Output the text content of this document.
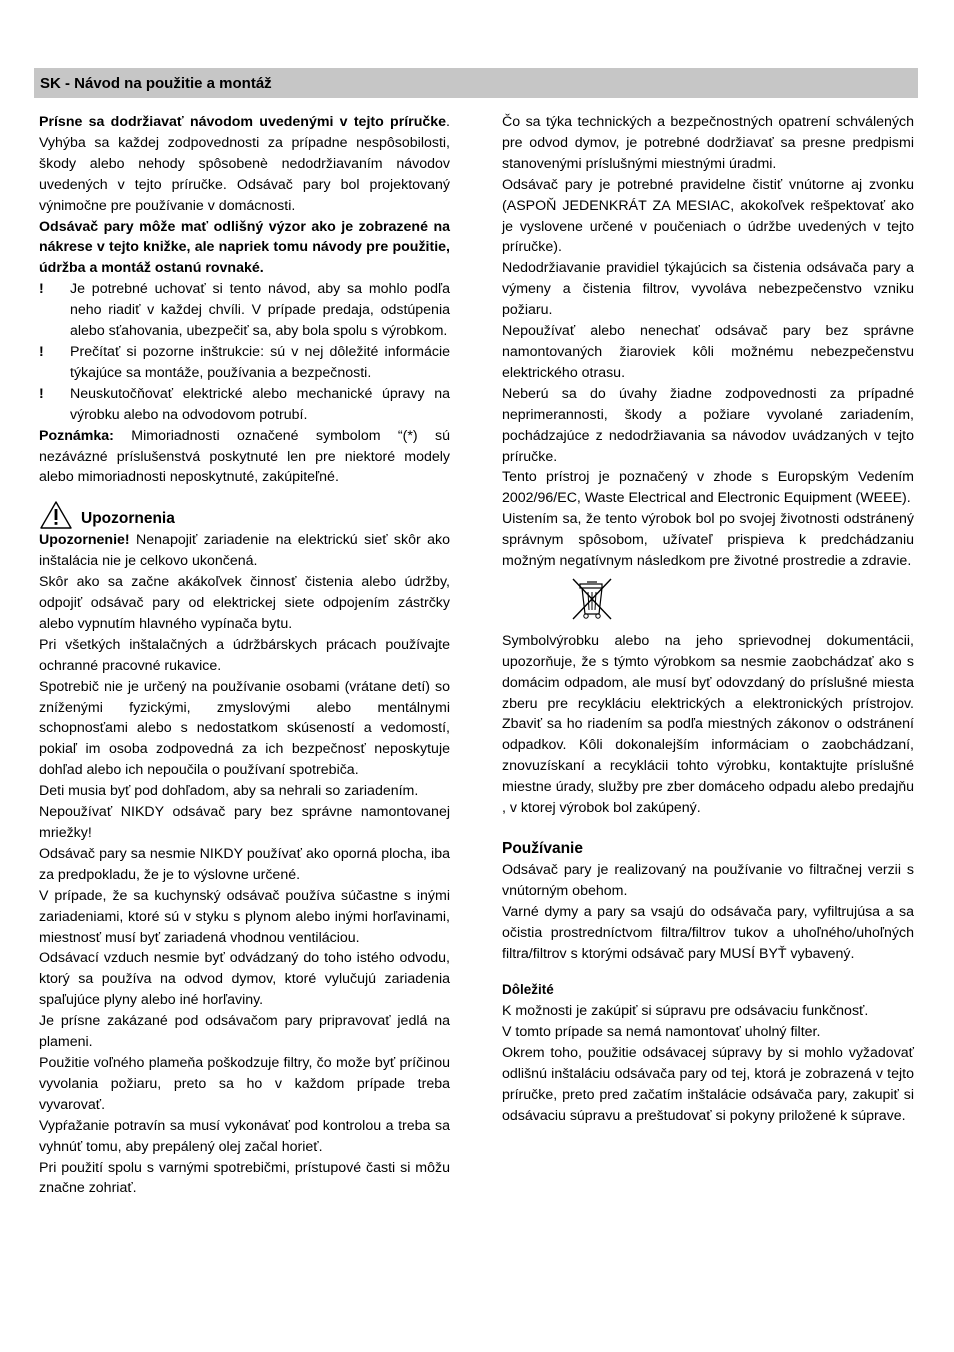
SK - Návod na použitie a montáž

Prísne sa dodržiavať návodom uvedenými v tejto príručke. Vyhýba sa každej zodpovednosti za prípadne nespôsobilosti, škody alebo nehody spôsobenè nedodržiavaním návodov uvedených v tejto príručke. Odsávač pary bol projektovaný výnimočne pre používanie v domácnosti.

Odsávač pary môže mať odlišný výzor ako je zobrazené na nákrese v tejto knižke, ale napriek tomu návody pre použitie, údržba a montáž ostanú rovnaké.

!	Je potrebné uchovať si tento návod, aby sa mohlo podľa neho riadiť v každej chvíli. V prípade predaja, odstúpenia alebo sťahovania, ubezpečiť sa, aby bola spolu s výrobkom.
!	Prečítať si pozorne inštrukcie: sú v nej dôležité informácie týkajúce sa montáže, používania a bezpečnosti.
!	Neuskutočňovať elektrické alebo mechanické úpravy na výrobku alebo na odvodovom potrubí.

Poznámka: Mimoriadnosti označené symbolom “(*) sú nezávázné príslušenstvá poskytnuté len pre niektoré modely alebo mimoriadnosti neposkytnuté, zakúpiteľné.

Upozornenia

Upozornenie! Nenapojiť zariadenie na elektrickú sieť skôr ako inštalácia nie je celkovo ukončená.

Skôr ako sa začne akákoľvek činnosť čistenia alebo údržby, odpojiť odsávač pary od elektrickej siete odpojením zástrčky alebo vypnutím hlavného vypínača bytu.

Pri všetkých inštalačných a údržbárskych prácach používajte ochranné pracovné rukavice.

Spotrebič nie je určený na používanie osobami (vrátane detí) so zníženými fyzickými, zmyslovými alebo mentálnymi schopnosťami alebo s nedostatkom skúseností a vedomostí, pokiaľ im osoba zodpovedná za ich bezpečnosť neposkytuje dohľad alebo ich nepoučila o používaní spotrebiča.

Deti musia byť pod dohľadom, aby sa nehrali so zariadením.

Nepoužívať NIKDY odsávač pary bez správne namontovanej mriežky!

Odsávač pary sa nesmie NIKDY používať ako oporná plocha, iba za predpokladu, že je to výslovne určené.

V prípade, že sa kuchynský odsávač používa súčastne s inými zariadeniami, ktoré sú v styku s plynom alebo inými horľavinami, miestnosť musí byť zariadená vhodnou ventiláciou.

Odsávací vzduch nesmie byť odvádzaný do toho istého odvodu, ktorý sa používa na odvod dymov, ktoré vylučujú zariadenia spaľujúce plyny alebo iné horľaviny.

Je prísne zakázané pod odsávačom pary pripravovať jedlá na plameni.

Použitie voľného plameňa poškodzuje filtry, čo može byť príčinou vyvolania požiaru, preto sa ho v každom prípade treba vyvarovať.

Vypŕažanie potravín sa musí vykonávať pod kontrolou a treba sa vyhnúť tomu, aby prepálený olej začal horieť.

Pri použití spolu s varnými spotrebičmi, prístupové časti si môžu značne zohriať.

Čo sa týka technických a bezpečnostných opatrení schválených pre odvod dymov, je potrebné dodržiavať sa presne predpismi stanovenými príslušnými miestnými úradmi.

Odsávač pary je potrebné pravidelne čistiť vnútorne aj zvonku (ASPOŇ JEDENKRÁT ZA MESIAC, akokoľvek rešpektovať ako je vyslovene určené v poučeniach o údržbe uvedených v tejto príručke).

Nedodržiavanie pravidiel týkajúcich sa čistenia odsávača pary a výmeny a čistenia filtrov, vyvoláva nebezpečenstvo vzniku požiaru.

Nepoužívať alebo nenechať odsávač pary bez správne namontovaných žiaroviek kôli možnému nebezpečenstvu elektrického otrasu.

Neberú sa do úvahy žiadne zodpovednosti za prípadné neprimerannosti, škody a požiare vyvolané zariadením, pochádzajúce z nedodržiavania sa návodov uvádzaných v tejto príručke.

Tento prístroj je poznačený v zhode s Europským Vedením 2002/96/EC, Waste Electrical and Electronic Equipment (WEEE).

Uistením sa, že tento výrobok bol po svojej životnosti odstránený správnym spôsobom, užívateľ prispieva k predchádzaniu možným negatívnym následkom pre životné prostredie a zdravie.

Symbolvýrobku alebo na jeho sprievodnej dokumentácii, upozorňuje, že s týmto výrobkom sa nesmie zaobchádzať ako s domácim odpadom, ale musí byť odovzdaný do príslušné miesta zberu pre recykláciu elektrických a elektronických prístrojov. Zbaviť sa ho riadením sa podľa miestných zákonov o odstránení odpadkov. Kôli dokonalejším informáciam o zaobchádzaní, znovuzískaní a recyklácii tohto výrobku, kontaktujte príslušné miestne úrady, služby pre zber domáceho odpadu alebo predajňu , v ktorej výrobok bol zakúpený.

Používanie

Odsávač pary je realizovaný na používanie vo filtračnej verzii s vnútorným obehom.

Varné dymy a pary sa vsajú do odsávača pary, vyfiltrujúsa a sa očistia prostredníctvom filtra/filtrov tukov a uhoľného/uhoľných filtra/filtrov s ktorými odsávač pary MUSÍ BYŤ vybavený.

Dôležité

K možnosti je zakúpiť si súpravu pre odsávaciu funkčnosť.

V tomto prípade sa nemá namontovať uholný filter.

Okrem toho, použitie odsávacej súpravy by si mohlo vyžadovať odlišnú inštaláciu odsávača pary od tej, ktorá je zobrazená v tejto príručke, preto pred začatím inštalácie odsávača pary, zakupiť si odsávaciu súpravu a preštudovať si pokyny priložené k súprave.
